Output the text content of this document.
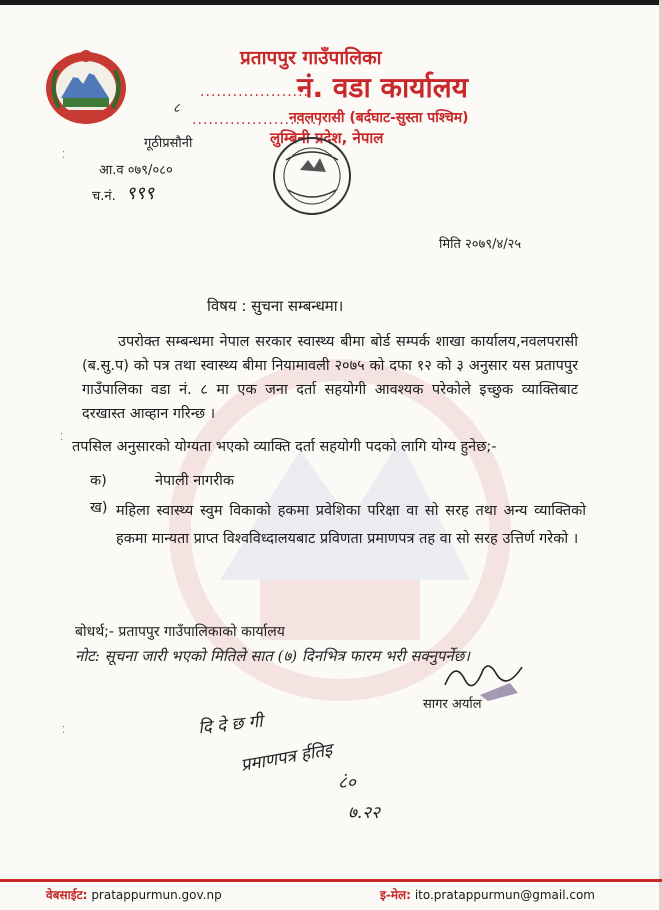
प्रतापपुर गाउँपालिका
....................
नं. वडा कार्यालय
८
.......................,
नवलपरासी (बर्दघाट-सुस्ता पश्चिम)
लुम्बिनी प्रदेश, नेपाल
गूठीप्रसौनी
आ.व ०७९/०८०
च.नं. ९९९
मिति २०७९/४/२५
विषय : सुचना सम्बन्धमा।
उपरोक्त सम्बन्धमा नेपाल सरकार स्वास्थ्य बीमा बोर्ड सम्पर्क शाखा कार्यालय,नवलपरासी (ब.सु.प) को पत्र तथा स्वास्थ्य बीमा नियामावली २०७५ को दफा १२ को ३ अनुसार यस प्रतापपुर गाउँपालिका वडा नं. ८ मा एक जना दर्ता सहयोगी आवश्यक परेकोले इच्छुक व्याक्तिबाट दरखास्त आव्हान गरिन्छ ।
तपसिल अनुसारको योग्यता भएको व्याक्ति दर्ता सहयोगी पदको लागि योग्य हुनेछ;-
क)	नेपाली नागरीक
ख) महिला स्वास्थ्य स्वुम विकाको हकमा प्रवेशिका परिक्षा वा सो सरह तथा अन्य व्याक्तिको हकमा मान्यता प्राप्त विश्वविध्दालयबाट प्रविणता प्रमाणपत्र तह वा सो सरह उत्तिर्ण गरेको ।
बोधर्थ;- प्रतापपुर गाउँपालिकाको कार्यालय
नोट: सूचना जारी भएको मितिले सात (७) दिनभित्र फारम भरी सक्नुपर्नेछ।
सागर अर्याल
दि दे छ गी
प्रमाणपत्र र्हतिइ
८ं०
७.२२
⁚
⁚
⁚
वेबसाईट: pratappurmun.gov.np	इ-मेल: ito.pratappurmun@gmail.com
